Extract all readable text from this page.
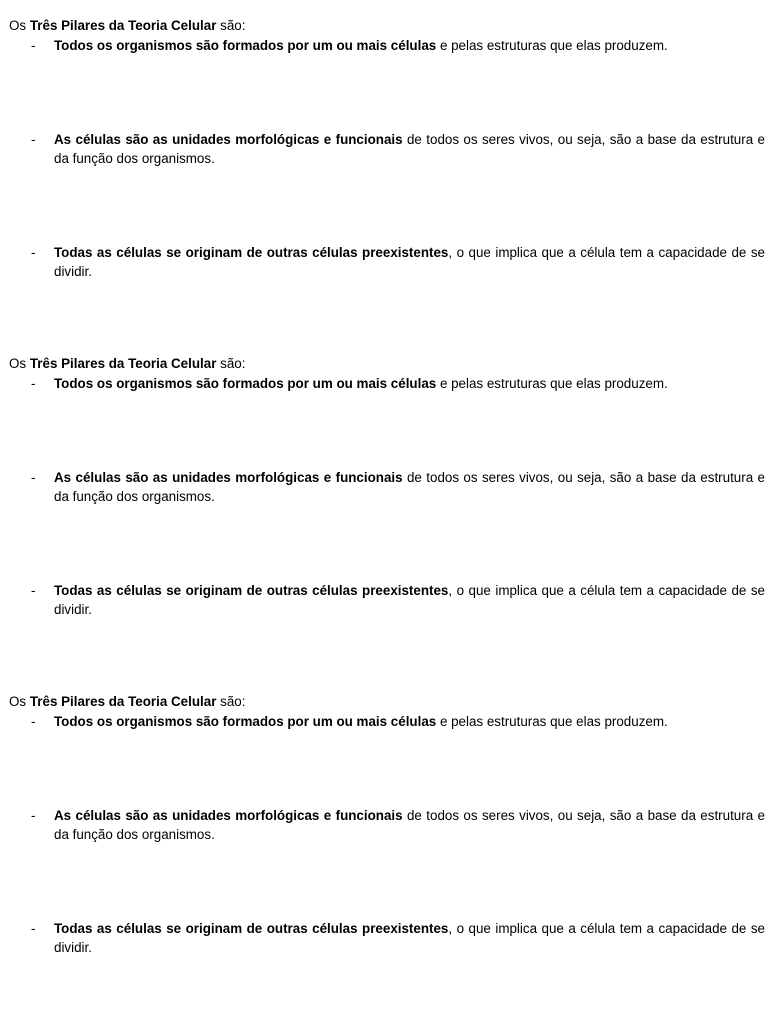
Os Três Pilares da Teoria Celular são:

- Todos os organismos são formados por um ou mais células e pelas estruturas que elas produzem.
- As células são as unidades morfológicas e funcionais de todos os seres vivos, ou seja, são a base da estrutura e da função dos organismos.
- Todas as células se originam de outras células preexistentes, o que implica que a célula tem a capacidade de se dividir.

Os Três Pilares da Teoria Celular são:

- Todos os organismos são formados por um ou mais células e pelas estruturas que elas produzem.
- As células são as unidades morfológicas e funcionais de todos os seres vivos, ou seja, são a base da estrutura e da função dos organismos.
- Todas as células se originam de outras células preexistentes, o que implica que a célula tem a capacidade de se dividir.

Os Três Pilares da Teoria Celular são:

- Todos os organismos são formados por um ou mais células e pelas estruturas que elas produzem.
- As células são as unidades morfológicas e funcionais de todos os seres vivos, ou seja, são a base da estrutura e da função dos organismos.
- Todas as células se originam de outras células preexistentes, o que implica que a célula tem a capacidade de se dividir.
